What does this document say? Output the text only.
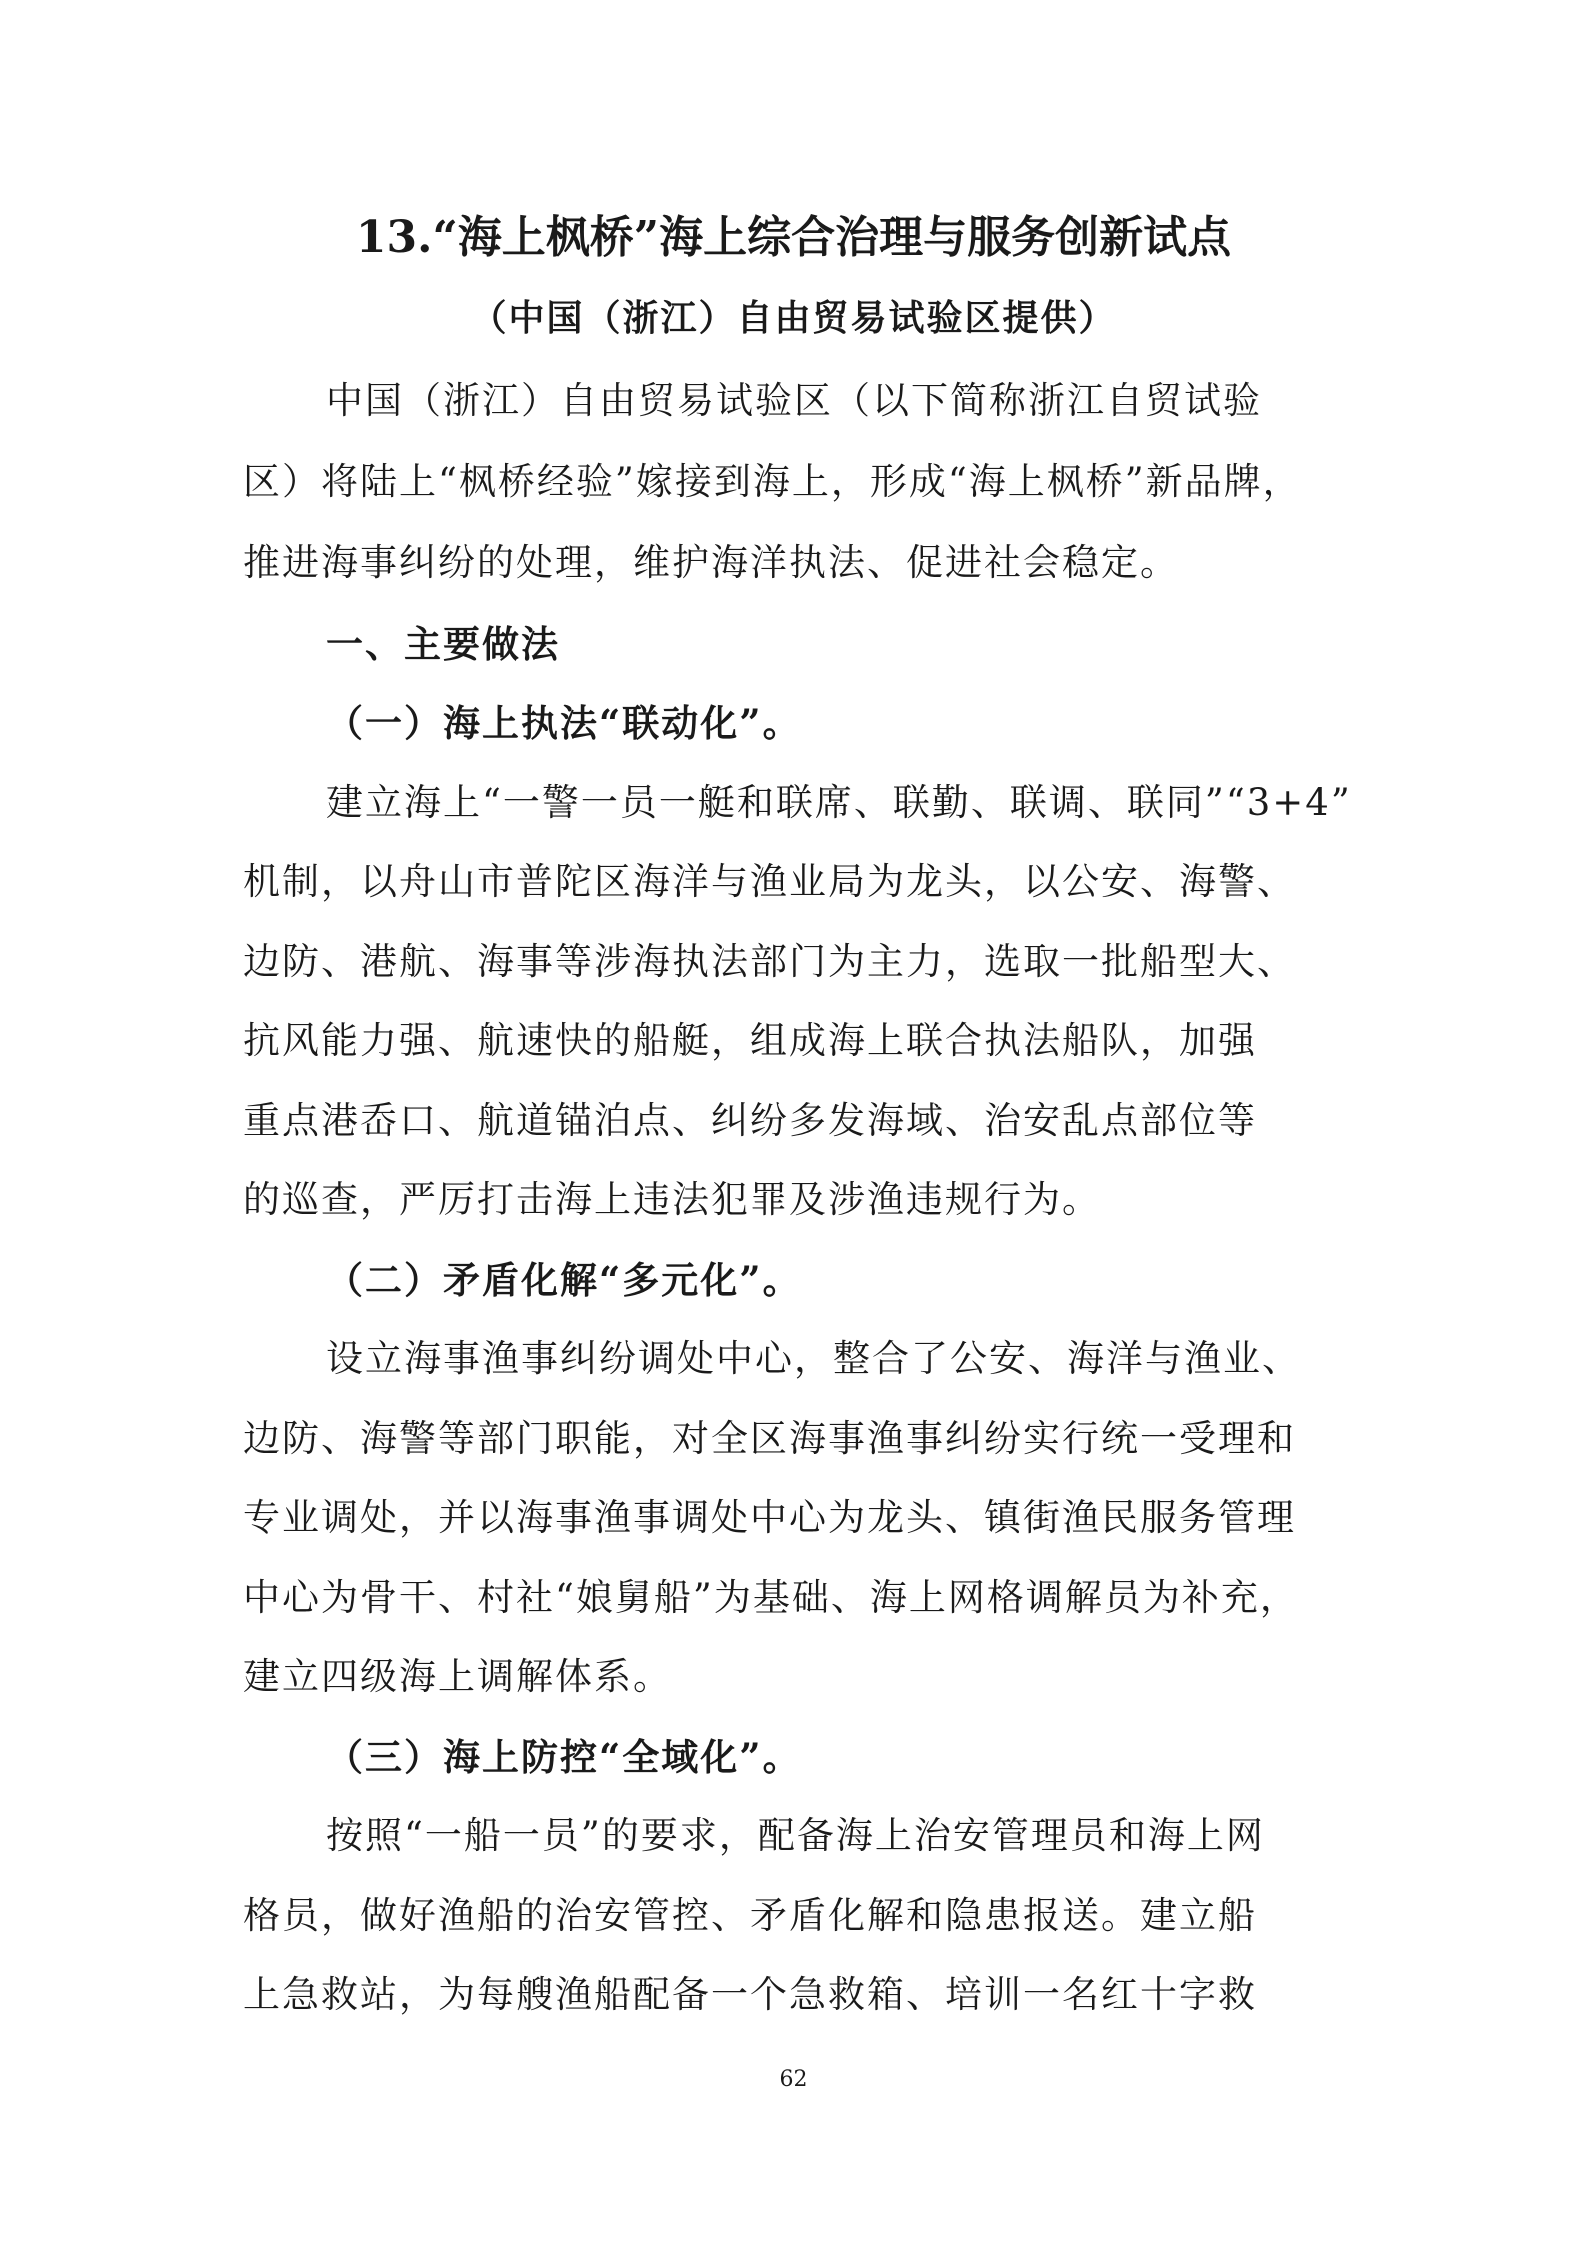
13.“海上枫桥”海上综合治理与服务创新试点
（中国（浙江）自由贸易试验区提供）
中国（浙江）自由贸易试验区（以下简称浙江自贸试验
区）将陆上“枫桥经验”嫁接到海上，形成“海上枫桥”新品牌，
推进海事纠纷的处理，维护海洋执法、促进社会稳定。
一、主要做法
（一）海上执法“联动化”。
建立海上“一警一员一艇和联席、联勤、联调、联同”“3+4”
机制，以舟山市普陀区海洋与渔业局为龙头，以公安、海警、
边防、港航、海事等涉海执法部门为主力，选取一批船型大、
抗风能力强、航速快的船艇，组成海上联合执法船队，加强
重点港岙口、航道锚泊点、纠纷多发海域、治安乱点部位等
的巡查，严厉打击海上违法犯罪及涉渔违规行为。
（二）矛盾化解“多元化”。
设立海事渔事纠纷调处中心，整合了公安、海洋与渔业、
边防、海警等部门职能，对全区海事渔事纠纷实行统一受理和
专业调处，并以海事渔事调处中心为龙头、镇街渔民服务管理
中心为骨干、村社“娘舅船”为基础、海上网格调解员为补充，
建立四级海上调解体系。
（三）海上防控“全域化”。
按照“一船一员”的要求，配备海上治安管理员和海上网
格员，做好渔船的治安管控、矛盾化解和隐患报送。建立船
上急救站，为每艘渔船配备一个急救箱、培训一名红十字救
62
